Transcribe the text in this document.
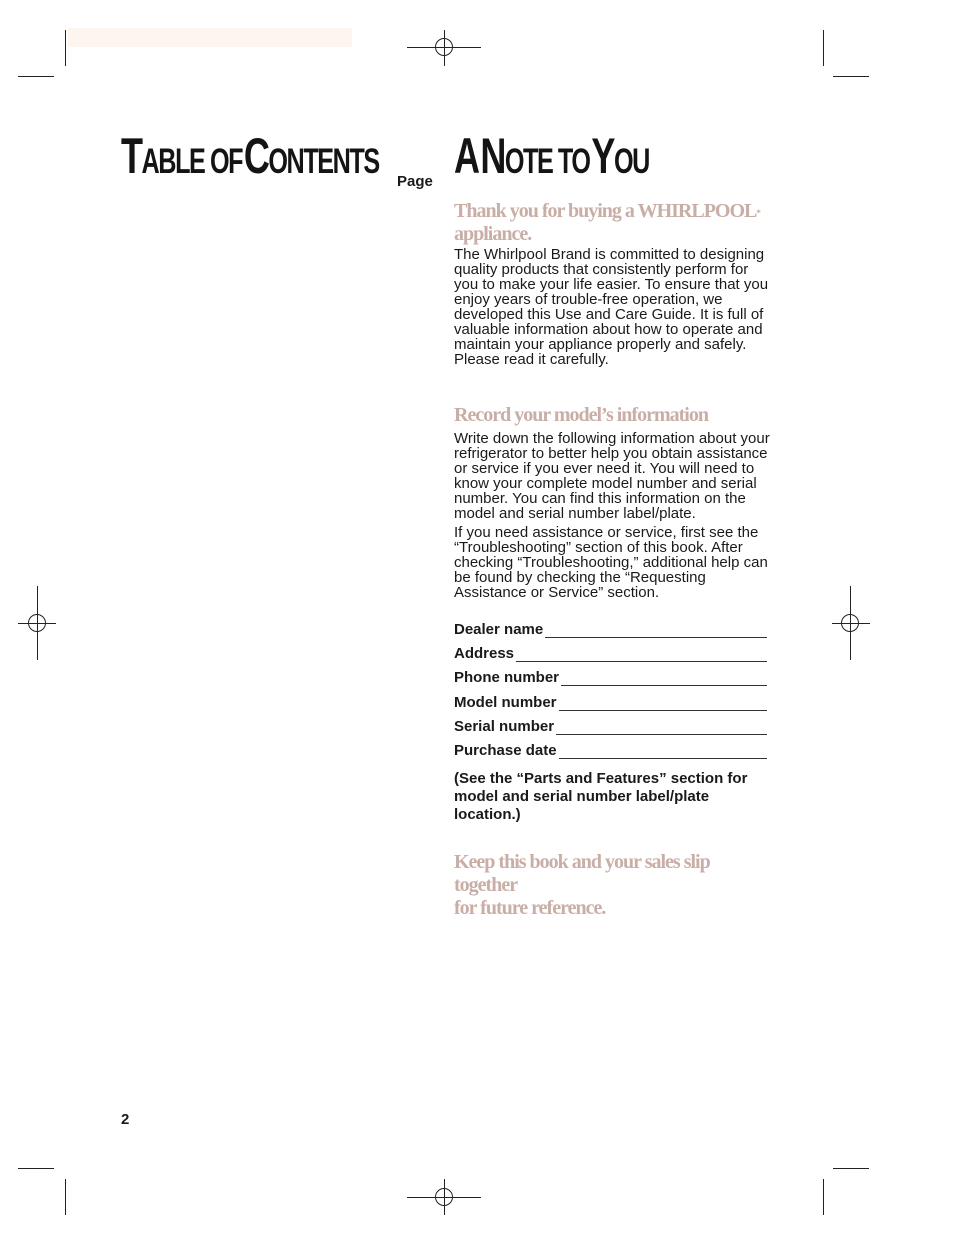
TABLE OF CONTENTS
Page A NOTE TO YOU
Thank you for buying a WHIRLPOOL*
appliance.

The Whirlpool Brand is committed to designing quality products that consistently perform for you to make your life easier. To ensure that you enjoy years of trouble-free operation, we developed this Use and Care Guide. It is full of valuable information about how to operate and maintain your appliance properly and safely. Please read it carefully.

Record your model’s information

Write down the following information about your refrigerator to better help you obtain assistance or service if you ever need it. You will need to know your complete model number and serial number. You can find this information on the model and serial number label/plate.

If you need assistance or service, first see the “Troubleshooting” section of this book. After checking “Troubleshooting,” additional help can be found by checking the “Requesting Assistance or Service” section.

Dealer name
Address
Phone number
Model number
Serial number
Purchase date
(See the “Parts and Features” section for model and serial number label/plate location.)
Keep this book and your sales slip together
for future reference.
2
